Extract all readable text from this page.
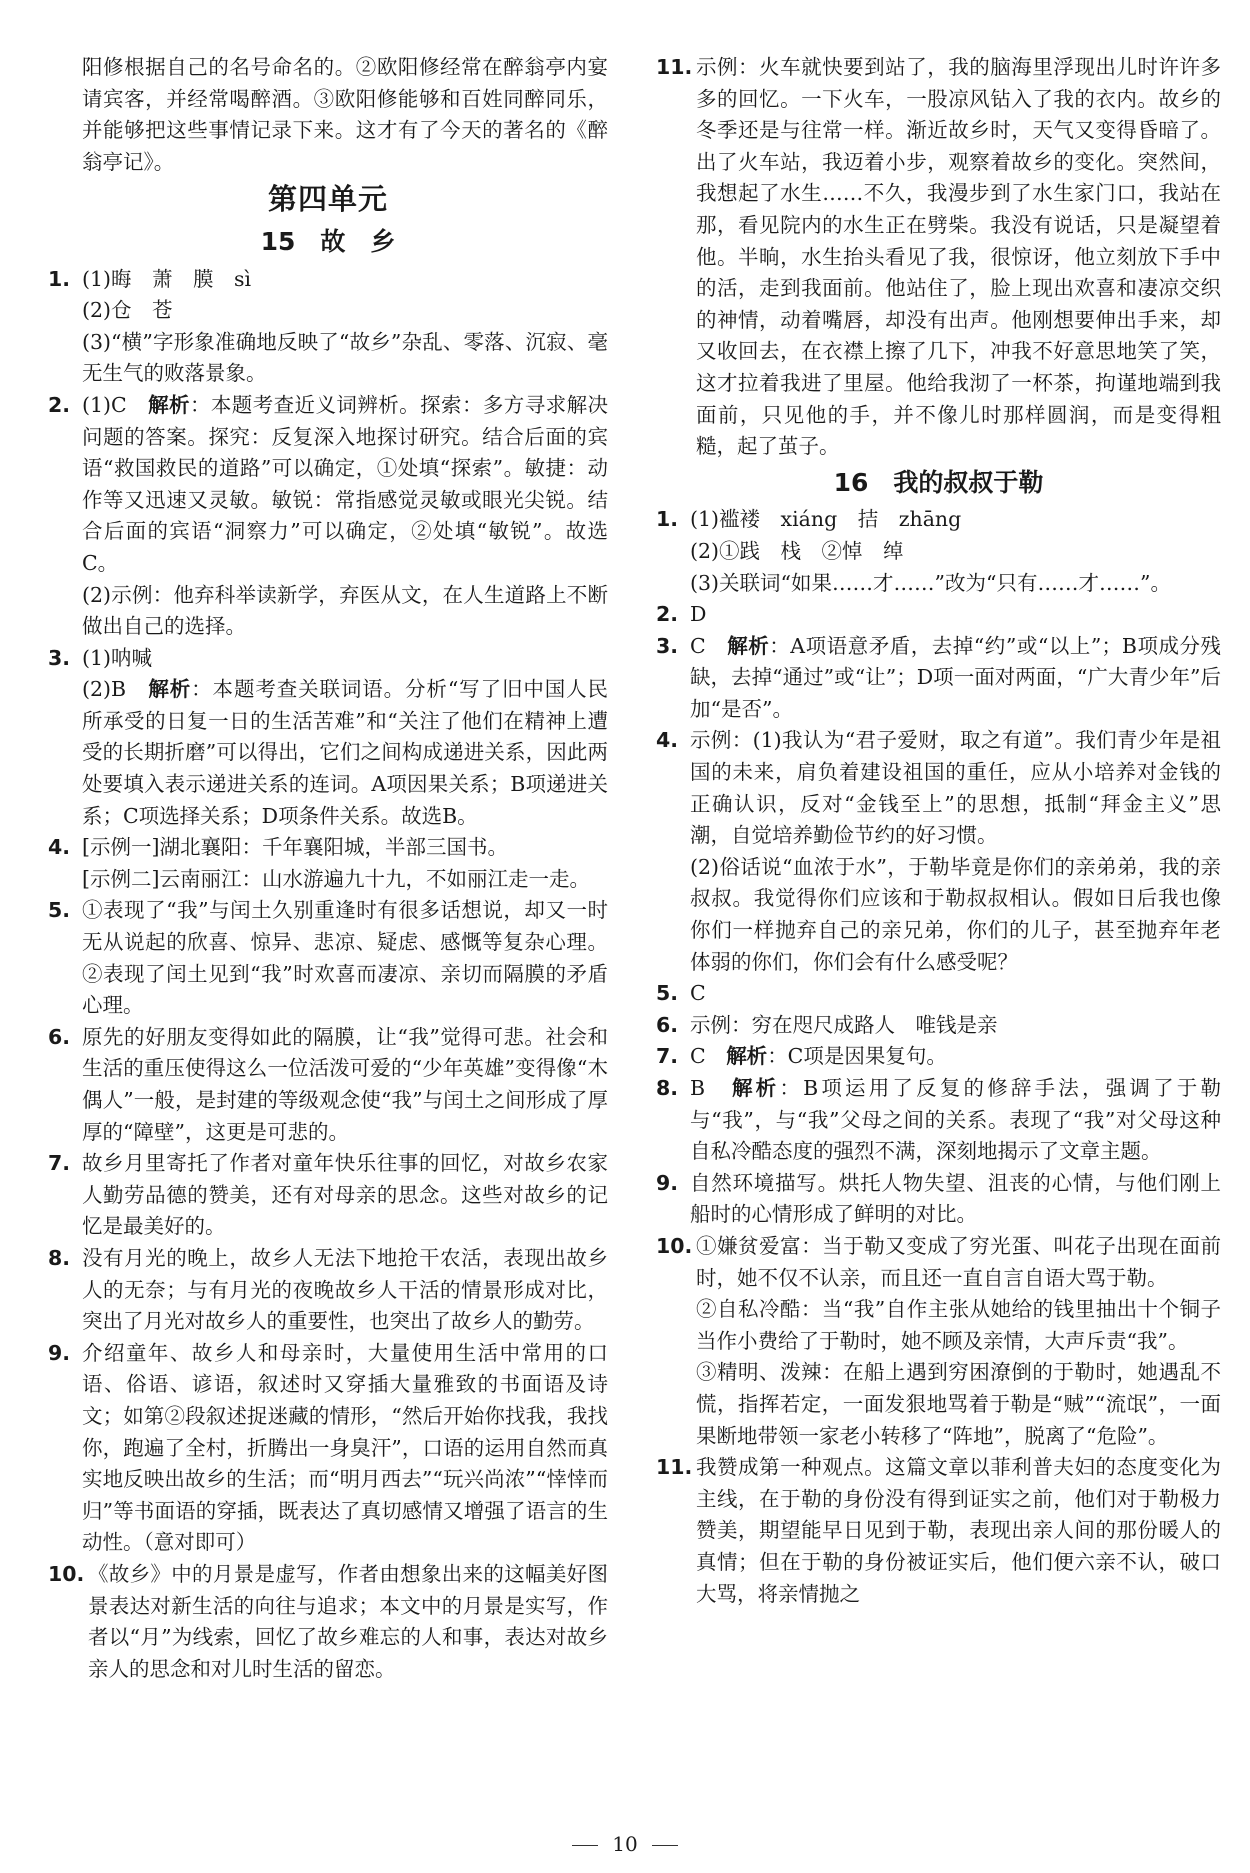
阳修根据自己的名号命名的。②欧阳修经常在醉翁亭内宴请宾客，并经常喝醉酒。③欧阳修能够和百姓同醉同乐，并能够把这些事情记录下来。这才有了今天的著名的《醉翁亭记》。

第四单元
15　故　乡
1. (1)晦　萧　膜　sì

(2)仓　苍

(3)“横”字形象准确地反映了“故乡”杂乱、零落、沉寂、毫无生气的败落景象。

2. (1)C　解析：本题考查近义词辨析。探索：多方寻求解决问题的答案。探究：反复深入地探讨研究。结合后面的宾语“救国救民的道路”可以确定，①处填“探索”。敏捷：动作等又迅速又灵敏。敏锐：常指感觉灵敏或眼光尖锐。结合后面的宾语“洞察力”可以确定，②处填“敏锐”。故选C。

(2)示例：他弃科举读新学，弃医从文，在人生道路上不断做出自己的选择。

3. (1)呐喊

(2)B　解析：本题考查关联词语。分析“写了旧中国人民所承受的日复一日的生活苦难”和“关注了他们在精神上遭受的长期折磨”可以得出，它们之间构成递进关系，因此两处要填入表示递进关系的连词。A项因果关系；B项递进关系；C项选择关系；D项条件关系。故选B。

4. [示例一]湖北襄阳：千年襄阳城，半部三国书。

[示例二]云南丽江：山水游遍九十九，不如丽江走一走。

5. ①表现了“我”与闰土久别重逢时有很多话想说，却又一时无从说起的欣喜、惊异、悲凉、疑虑、感慨等复杂心理。②表现了闰土见到“我”时欢喜而凄凉、亲切而隔膜的矛盾心理。

6. 原先的好朋友变得如此的隔膜，让“我”觉得可悲。社会和生活的重压使得这么一位活泼可爱的“少年英雄”变得像“木偶人”一般，是封建的等级观念使“我”与闰土之间形成了厚厚的“障壁”，这更是可悲的。

7. 故乡月里寄托了作者对童年快乐往事的回忆，对故乡农家人勤劳品德的赞美，还有对母亲的思念。这些对故乡的记忆是最美好的。

8. 没有月光的晚上，故乡人无法下地抢干农活，表现出故乡人的无奈；与有月光的夜晚故乡人干活的情景形成对比，突出了月光对故乡人的重要性，也突出了故乡人的勤劳。

9. 介绍童年、故乡人和母亲时，大量使用生活中常用的口语、俗语、谚语，叙述时又穿插大量雅致的书面语及诗文；如第②段叙述捉迷藏的情形，“然后开始你找我，我找你，跑遍了全村，折腾出一身臭汗”，口语的运用自然而真实地反映出故乡的生活；而“明月西去”“玩兴尚浓”“悻悻而归”等书面语的穿插，既表达了真切感情又增强了语言的生动性。（意对即可）

10. 《故乡》中的月景是虚写，作者由想象出来的这幅美好图景表达对新生活的向往与追求；本文中的月景是实写，作者以“月”为线索，回忆了故乡难忘的人和事，表达对故乡亲人的思念和对儿时生活的留恋。

11. 示例：火车就快要到站了，我的脑海里浮现出儿时许许多多的回忆。一下火车，一股凉风钻入了我的衣内。故乡的冬季还是与往常一样。渐近故乡时，天气又变得昏暗了。出了火车站，我迈着小步，观察着故乡的变化。突然间，我想起了水生……不久，我漫步到了水生家门口，我站在那，看见院内的水生正在劈柴。我没有说话，只是凝望着他。半晌，水生抬头看见了我，很惊讶，他立刻放下手中的活，走到我面前。他站住了，脸上现出欢喜和凄凉交织的神情，动着嘴唇，却没有出声。他刚想要伸出手来，却又收回去，在衣襟上擦了几下，冲我不好意思地笑了笑，这才拉着我进了里屋。他给我沏了一杯茶，拘谨地端到我面前，只见他的手，并不像儿时那样圆润，而是变得粗糙，起了茧子。

16　我的叔叔于勒
1. (1)褴褛　xiáng　拮　zhāng

(2)①践　栈　②悼　绰

(3)关联词“如果……才……”改为“只有……才……”。

2. D

3. C　解析：A项语意矛盾，去掉“约”或“以上”；B项成分残缺，去掉“通过”或“让”；D项一面对两面，“广大青少年”后加“是否”。

4. 示例：(1)我认为“君子爱财，取之有道”。我们青少年是祖国的未来，肩负着建设祖国的重任，应从小培养对金钱的正确认识，反对“金钱至上”的思想，抵制“拜金主义”思潮，自觉培养勤俭节约的好习惯。

(2)俗话说“血浓于水”，于勒毕竟是你们的亲弟弟，我的亲叔叔。我觉得你们应该和于勒叔叔相认。假如日后我也像你们一样抛弃自己的亲兄弟，你们的儿子，甚至抛弃年老体弱的你们，你们会有什么感受呢？

5. C

6. 示例：穷在咫尺成路人　唯钱是亲

7. C　解析：C项是因果复句。

8. B　解析：B项运用了反复的修辞手法，强调了于勒与“我”，与“我”父母之间的关系。表现了“我”对父母这种自私冷酷态度的强烈不满，深刻地揭示了文章主题。

9. 自然环境描写。烘托人物失望、沮丧的心情，与他们刚上船时的心情形成了鲜明的对比。

10. ①嫌贫爱富：当于勒又变成了穷光蛋、叫花子出现在面前时，她不仅不认亲，而且还一直自言自语大骂于勒。

②自私冷酷：当“我”自作主张从她给的钱里抽出十个铜子当作小费给了于勒时，她不顾及亲情，大声斥责“我”。

③精明、泼辣：在船上遇到穷困潦倒的于勒时，她遇乱不慌，指挥若定，一面发狠地骂着于勒是“贼”“流氓”，一面果断地带领一家老小转移了“阵地”，脱离了“危险”。

11. 我赞成第一种观点。这篇文章以菲利普夫妇的态度变化为主线，在于勒的身份没有得到证实之前，他们对于勒极力赞美，期望能早日见到于勒，表现出亲人间的那份暖人的真情；但在于勒的身份被证实后，他们便六亲不认，破口大骂，将亲情抛之

10
